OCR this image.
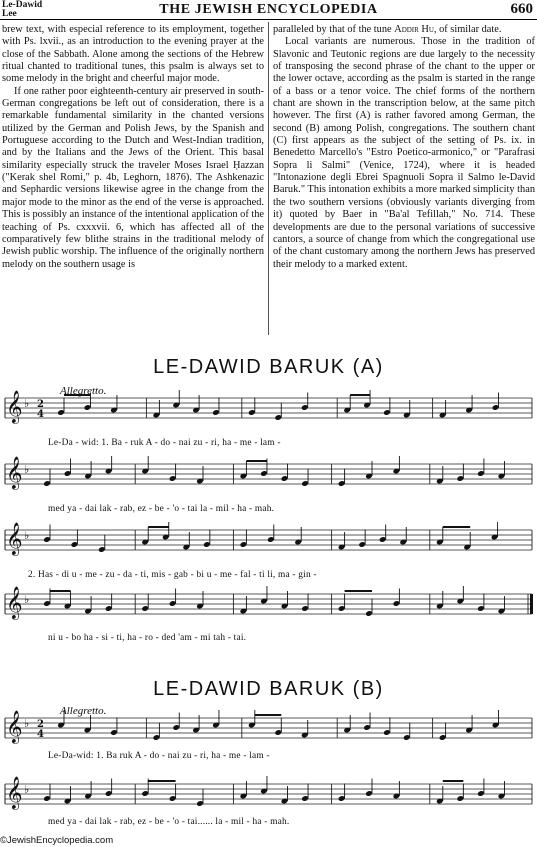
Le-Dawid
Lee	THE JEWISH ENCYCLOPEDIA	660

brew text, with especial reference to its employment, together with Ps. lxvii., as an introduction to the evening prayer at the close of the Sabbath. Alone among the sections of the Hebrew ritual chanted to traditional tunes, this psalm is always set to some melody in the bright and cheerful major mode.

If one rather poor eighteenth-century air preserved in south-German congregations be left out of consideration, there is a remarkable fundamental similarity in the chanted versions utilized by the German and Polish Jews, by the Spanish and Portuguese according to the Dutch and West-Indian tradition, and by the Italians and the Jews of the Orient. This basal similarity especially struck the traveler Moses Israel Ḥazzan ("Kerak shel Romi," p. 4b, Leghorn, 1876). The Ashkenazic and Sephardic versions likewise agree in the change from the major mode to the minor as the end of the verse is approached. This is possibly an instance of the intentional application of the teaching of Ps. cxxxvii. 6, which has affected all of the comparatively few blithe strains in the traditional melody of Jewish public worship. The influence of the originally northern melody on the southern usage is

paralleled by that of the tune Addir Hu, of similar date.

Local variants are numerous. Those in the tradition of Slavonic and Teutonic regions are due largely to the necessity of transposing the second phrase of the chant to the upper or the lower octave, according as the psalm is started in the range of a bass or a tenor voice. The chief forms of the northern chant are shown in the transcription below, at the same pitch however. The first (A) is rather favored among German, the second (B) among Polish, congregations. The southern chant (C) first appears as the subject of the setting of Ps. ix. in Benedetto Marcello's "Estro Poetico-armonico," or "Parafrasi Sopra li Salmi" (Venice, 1724), where it is headed "Intonazione degli Ebrei Spagnuoli Sopra il Salmo le-David Baruk." This intonation exhibits a more marked simplicity than the two southern versions (obviously variants diverging from it) quoted by Baer in "Ba'al Tefillah," No. 714. These developments are due to the personal variations of successive cantors, a source of change from which the congregational use of the chant customary among the northern Jews has preserved their melody to a marked extent.

LE-DAWID BARUK (A)
Allegretto.
LE-DAWID BARUK (B)
Allegretto.
𝄞 ♭ 2
4
𝄞 ♭
𝄞 ♭
𝄞 ♭
𝄞 ♭ 2
4
𝄞 ♭
Le-Da - wid: 1. Ba - ruk A - do - nai zu - ri, ha - me - lam -
med ya - dai lak - rab, ez - be - 'o - tai la - mil - ha - mah.
2. Has - di u - me - zu - da - ti, mis - gab - bi u - me - fal - ti li, ma - gin -
ni u - bo ha - si - ti, ha - ro - ded 'am - mi tah - tai.
Le-Da-wid: 1. Ba ruk A - do - nai zu - ri, ha - me - lam -
med ya - dai lak - rab, ez - be - 'o - tai...... la - mil - ha - mah.
©JewishEncyclopedia.com
